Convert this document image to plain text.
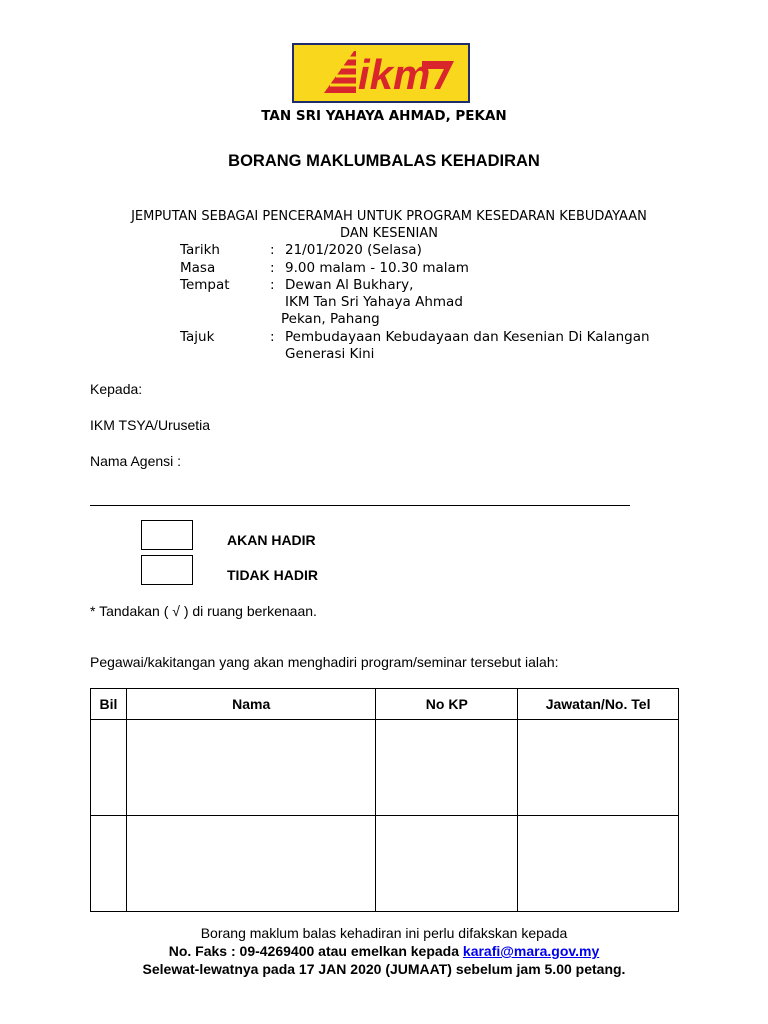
ikm
TAN SRI YAHAYA AHMAD, PEKAN
BORANG MAKLUMBALAS KEHADIRAN
JEMPUTAN SEBAGAI PENCERAMAH UNTUK PROGRAM KESEDARAN KEBUDAYAAN
DAN KESENIAN
Tarikh	: 21/01/2020 (Selasa)
Masa	: 9.00 malam - 10.30 malam
Tempat	: Dewan Al Bukhary,
IKM Tan Sri Yahaya Ahmad
Pekan, Pahang
Tajuk	: Pembudayaan Kebudayaan dan Kesenian Di Kalangan
Generasi Kini
Kepada:
IKM TSYA/Urusetia
Nama Agensi :
AKAN HADIR
TIDAK HADIR
* Tandakan ( √ ) di ruang berkenaan.
Pegawai/kakitangan yang akan menghadiri program/seminar tersebut ialah:
Bil	Nama	No KP	Jawatan/No. Tel

Borang maklum balas kehadiran ini perlu difakskan kepada
No. Faks : 09-4269400 atau emelkan kepada karafi@mara.gov.my
Selewat-lewatnya pada 17 JAN 2020 (JUMAAT) sebelum jam 5.00 petang.
